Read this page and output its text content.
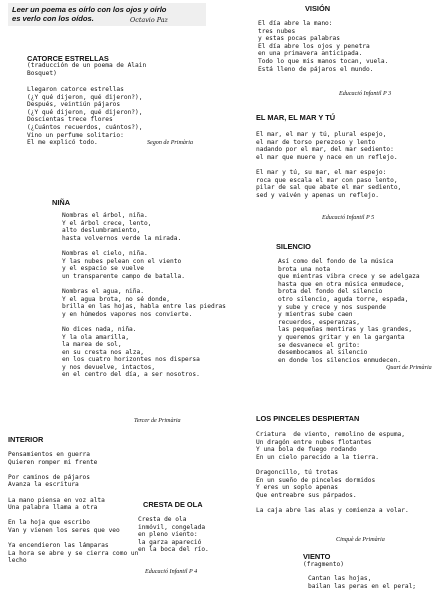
Leer un poema es oírlo con los ojos y oírlo
es verlo con los oídos.	Octavio Paz
CATORCE ESTRELLAS
(traducción de un poema de Alain
Bosquet)
Llegaron catorce estrellas
(¿Y qué dijeron, qué dijeron?),
Después, veintiún pájaros
(¿Y qué dijeron, qué dijeron?),
Doscientas trece flores
(¿Cuántos recuerdos, cuántos?),
Vino un perfume solitario:
El me explicó todo.	Segon de Primària
NIÑA
Nombras el árbol, niña.
Y el árbol crece, lento,
alto deslumbramiento,
hasta volvernos verde la mirada.

Nombras el cielo, niña.
Y las nubes pelean con el viento
y el espacio se vuelve
un transparente campo de batalla.

Nombras el agua, niña.
Y el agua brota, no sé donde,
brilla en las hojas, habla entre las piedras
y en húmedos vapores nos convierte.

No dices nada, niña.
Y la ola amarilla,
la marea de sol,
en su cresta nos alza,
en los cuatro horizontes nos dispersa
y nos devuelve, intactos,
en el centro del día, a ser nosotros.
Tercer de Primària
INTERIOR
Pensamientos en guerra
Quieren romper mi frente

Por caminos de pájaros
Avanza la escritura

La mano piensa en voz alta
Una palabra llama a otra

En la hoja que escribo
Van y vienen los seres que veo

Ya encendieron las lámparas
La hora se abre y se cierra como un
lecho
CRESTA DE OLA
Cresta de ola
inmóvil, congelada
en pleno viento:
la garza apareció
en la boca del río.
Educació Infantil P 4
VISIÓN
El día abre la mano:
tres nubes
y estas pocas palabras
El día abre los ojos y penetra
en una primavera anticipada.
Todo lo que mis manos tocan, vuela.
Está lleno de pájaros el mundo.
Educació Infantil P 3
EL MAR, EL MAR Y TÚ
El mar, el mar y tú, plural espejo,
el mar de torso perezoso y lento
nadando por el mar, del mar sediento:
el mar que muere y nace en un reflejo.

El mar y tú, su mar, el mar espejo:
roca que escala el mar con paso lento,
pilar de sal que abate el mar sediento,
sed y vaivén y apenas un reflejo.
Educació Infantil P 5
SILENCIO
Así como del fondo de la música
brota una nota
que mientras vibra crece y se adelgaza
hasta que en otra música enmudece,
brota del fondo del silencio
otro silencio, aguda torre, espada,
y sube y crece y nos suspende
y mientras sube caen
recuerdos, esperanzas,
las pequeñas mentiras y las grandes,
y queremos gritar y en la garganta
se desvanece el grito:
desembocamos al silencio
en donde los silencios enmudecen.
Quart de Primària
LOS PINCELES DESPIERTAN
Criatura  de viento, remolino de espuma,
Un dragón entre nubes flotantes
Y una bola de fuego rodando
En un cielo parecido a la tierra.

Dragoncillo, tú trotas
En un sueño de pinceles dormidos
Y eres un soplo apenas
Que entreabre sus párpados.

La caja abre las alas y comienza a volar.
Cinquè de Primària
VIENTO
(fragmento)
Cantan las hojas,
bailan las peras en el peral;
